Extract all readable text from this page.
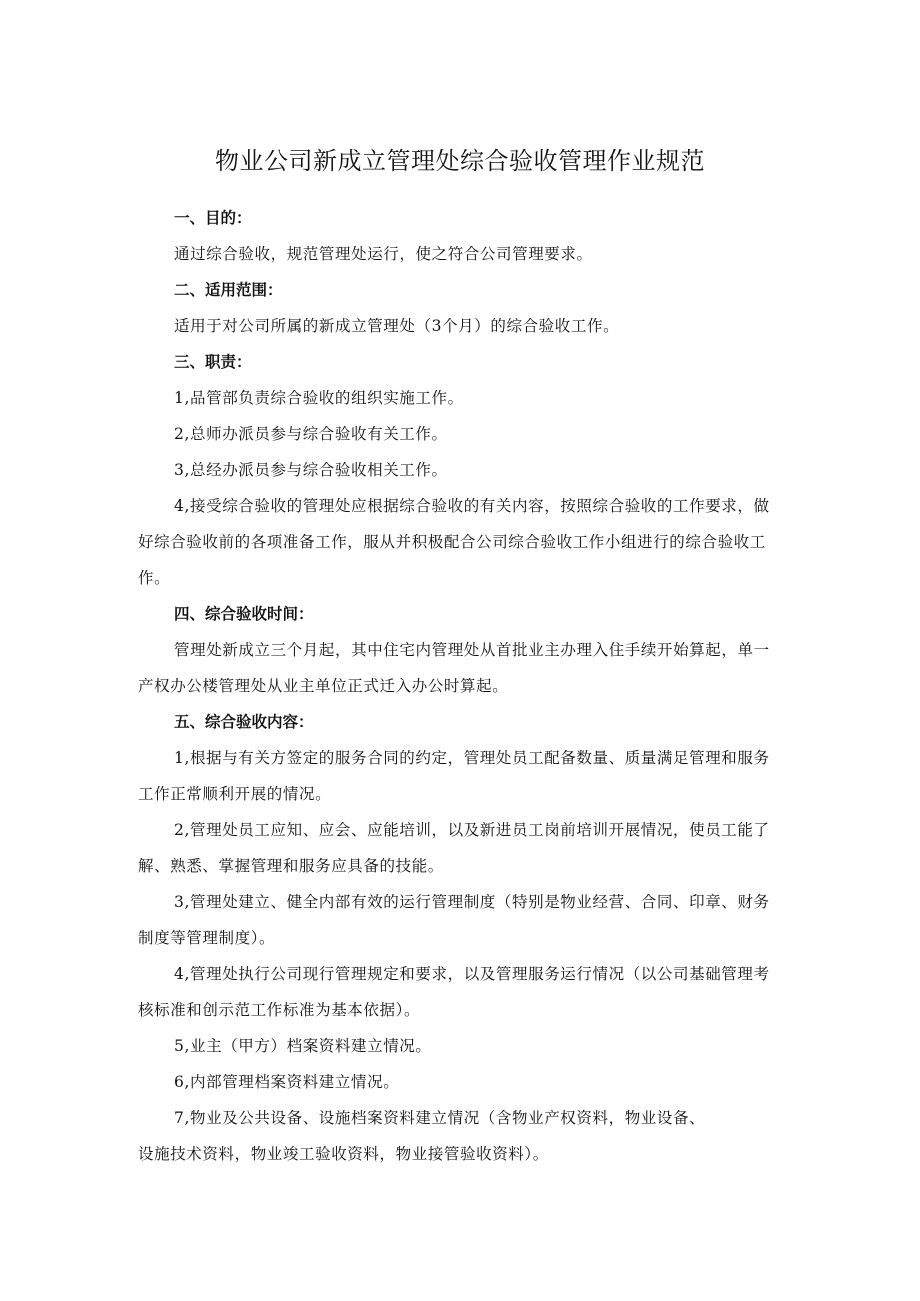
物业公司新成立管理处综合验收管理作业规范

一、目的：

通过综合验收，规范管理处运行，使之符合公司管理要求。

二、适用范围：

适用于对公司所属的新成立管理处（3个月）的综合验收工作。

三、职责：

1,品管部负责综合验收的组织实施工作。

2,总师办派员参与综合验收有关工作。

3,总经办派员参与综合验收相关工作。

4,接受综合验收的管理处应根据综合验收的有关内容，按照综合验收的工作要求，做好综合验收前的各项准备工作，服从并积极配合公司综合验收工作小组进行的综合验收工作。

四、综合验收时间：

管理处新成立三个月起，其中住宅内管理处从首批业主办理入住手续开始算起，单一产权办公楼管理处从业主单位正式迁入办公时算起。

五、综合验收内容：

1,根据与有关方签定的服务合同的约定，管理处员工配备数量、质量满足管理和服务工作正常顺利开展的情况。

2,管理处员工应知、应会、应能培训，以及新进员工岗前培训开展情况，使员工能了解、熟悉、掌握管理和服务应具备的技能。

3,管理处建立、健全内部有效的运行管理制度（特别是物业经营、合同、印章、财务制度等管理制度）。

4,管理处执行公司现行管理规定和要求，以及管理服务运行情况（以公司基础管理考核标准和创示范工作标准为基本依据）。

5,业主（甲方）档案资料建立情况。

6,内部管理档案资料建立情况。

7,物业及公共设备、设施档案资料建立情况（含物业产权资料，物业设备、

设施技术资料，物业竣工验收资料，物业接管验收资料）。
